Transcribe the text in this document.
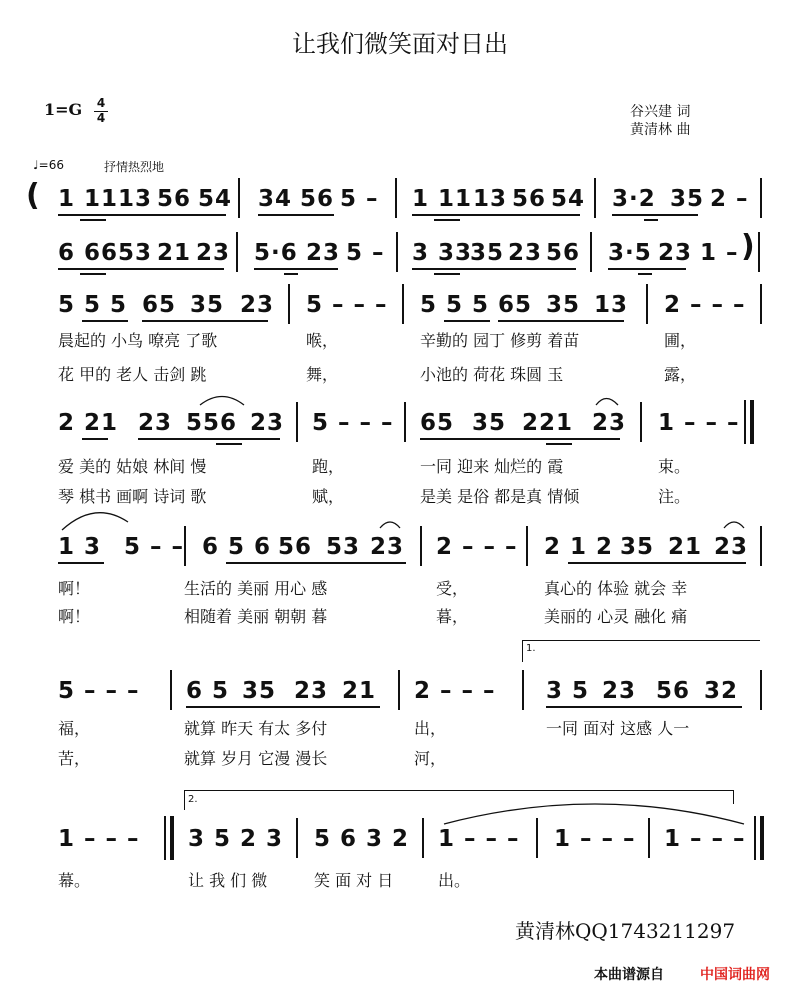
让我们微笑面对日出
1=G 4
4	谷兴建 词
黄清林 曲
♩=66	抒情热烈地
(
)
1 11 13 56 54 34 56 5 – 1 11 13 56 54 3·2 35 2 –
6 66 53 21 23 5·6 23 5 – 3 33
35 23 56 3·5 23 1 –
5 5 5 65 35 23 5 – – – 5 5 5 65 35 13 2 – – –
晨起的 小鸟 嘹亮 了歌	喉，	辛勤的 园丁 修剪 着苗	圃，
花 甲的 老人 击剑 跳	舞，	小池的 荷花 珠圆 玉	露，
2 21 23 556 23 5 – – – 65 35 221 23 1 – – –
爱 美的 姑娘 林间 慢	跑，	一同 迎来 灿烂的 霞	束。
琴 棋书 画啊 诗词 歌	赋，	是美 是俗 都是真 情倾	注。
1 3 5 – – 6 5 6 56 53 23 2 – – – 2 1 2 35 21 23
啊！	生活的 美丽 用心 感	受，	真心的 体验 就会 幸
啊！	相随着 美丽 朝朝 暮	暮，	美丽的 心灵 融化 痛
1.
5 – – – 6 5 35 23 21 2 – – – 3 5 23 56 32
福，	就算 昨天 有太 多付	出，	一同 面对 这感 人一
苦，	就算 岁月 它漫 漫长	河，
2.
1 – – – 3 5 2 3 5 6 3 2 1 – – – 1 – – – 1 – – –
幕。	让 我 们 微	笑 面 对 日	出。
黄清林QQ1743211297
本曲谱源自	中国词曲网
